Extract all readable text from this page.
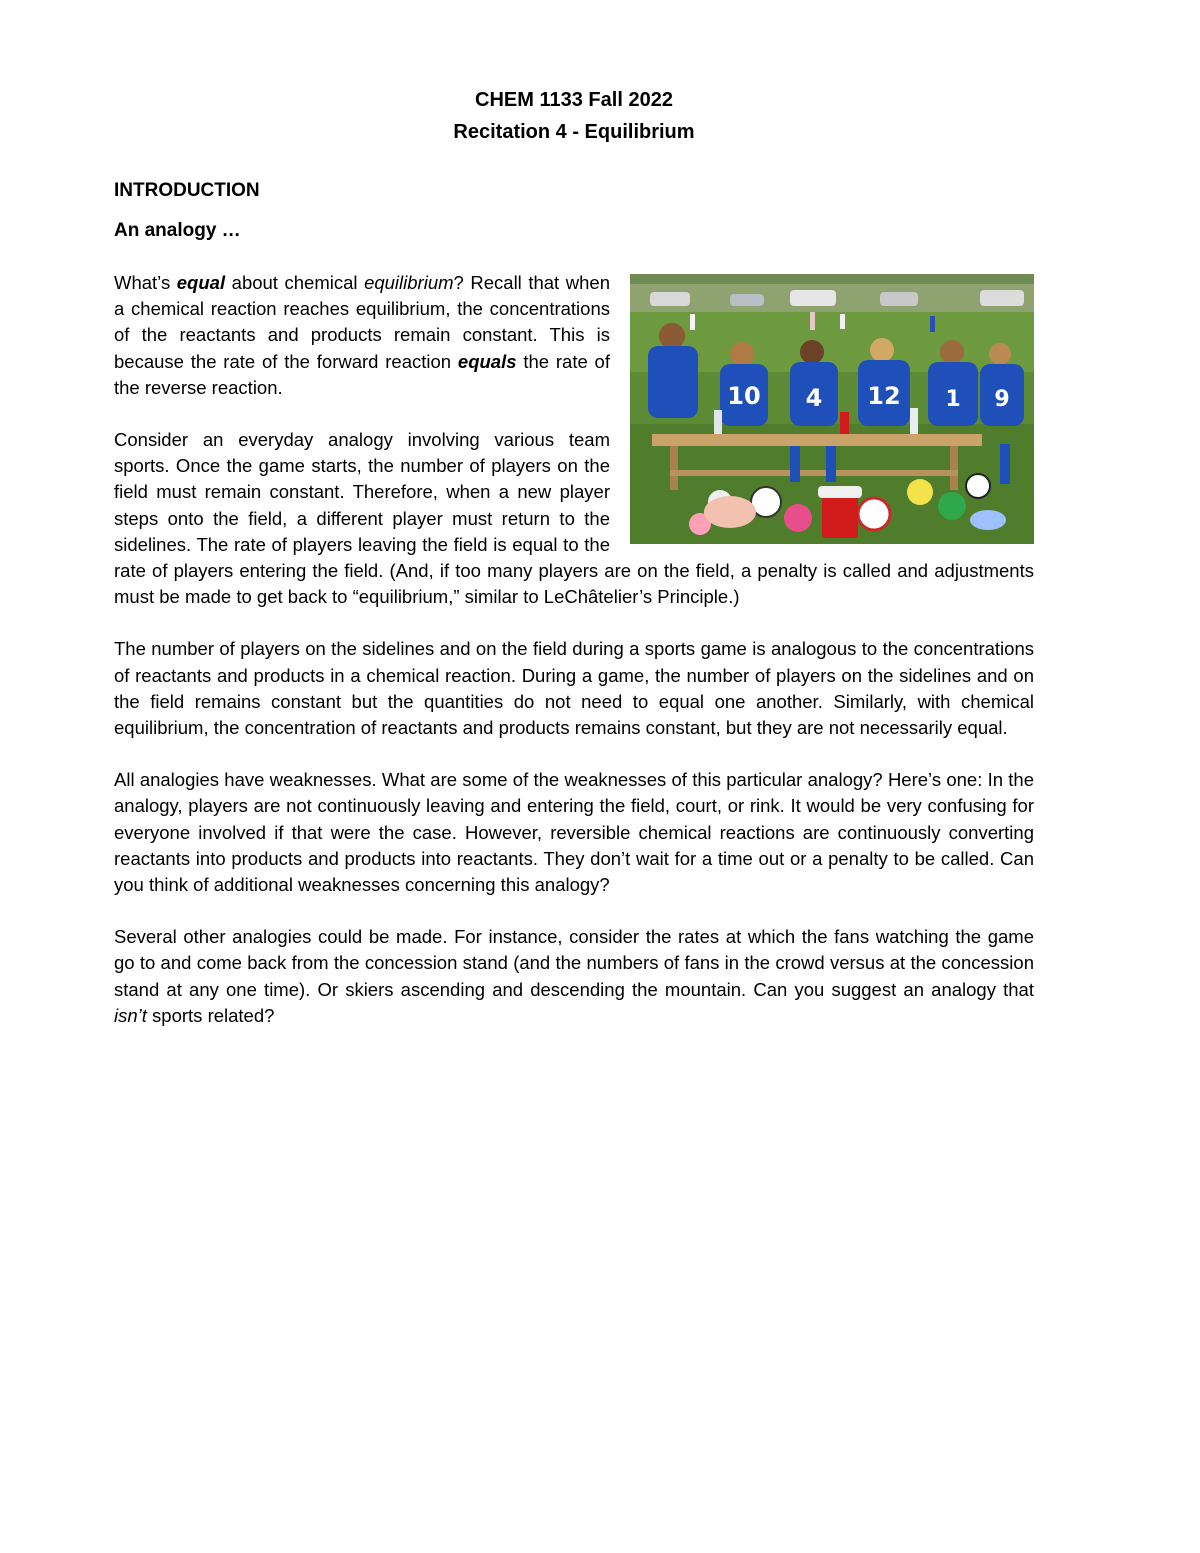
CHEM 1133 Fall 2022
Recitation 4 - Equilibrium
INTRODUCTION
An analogy …
10 4 12 1 9

What’s equal about chemical equilibrium? Recall that when a chemical reaction reaches equilibrium, the concentrations of the reactants and products remain constant. This is because the rate of the forward reaction equals the rate of the reverse reaction.

Consider an everyday analogy involving various team sports. Once the game starts, the number of players on the field must remain constant. Therefore, when a new player steps onto the field, a different player must return to the sidelines. The rate of players leaving the field is equal to the rate of players entering the field. (And, if too many players are on the field, a penalty is called and adjustments must be made to get back to “equilibrium,” similar to LeChâtelier’s Principle.)

The number of players on the sidelines and on the field during a sports game is analogous to the concentrations of reactants and products in a chemical reaction. During a game, the number of players on the sidelines and on the field remains constant but the quantities do not need to equal one another. Similarly, with chemical equilibrium, the concentration of reactants and products remains constant, but they are not necessarily equal.

All analogies have weaknesses. What are some of the weaknesses of this particular analogy? Here’s one: In the analogy, players are not continuously leaving and entering the field, court, or rink. It would be very confusing for everyone involved if that were the case. However, reversible chemical reactions are continuously converting reactants into products and products into reactants. They don’t wait for a time out or a penalty to be called. Can you think of additional weaknesses concerning this analogy?

Several other analogies could be made. For instance, consider the rates at which the fans watching the game go to and come back from the concession stand (and the numbers of fans in the crowd versus at the concession stand at any one time). Or skiers ascending and descending the mountain. Can you suggest an analogy that isn’t sports related?
